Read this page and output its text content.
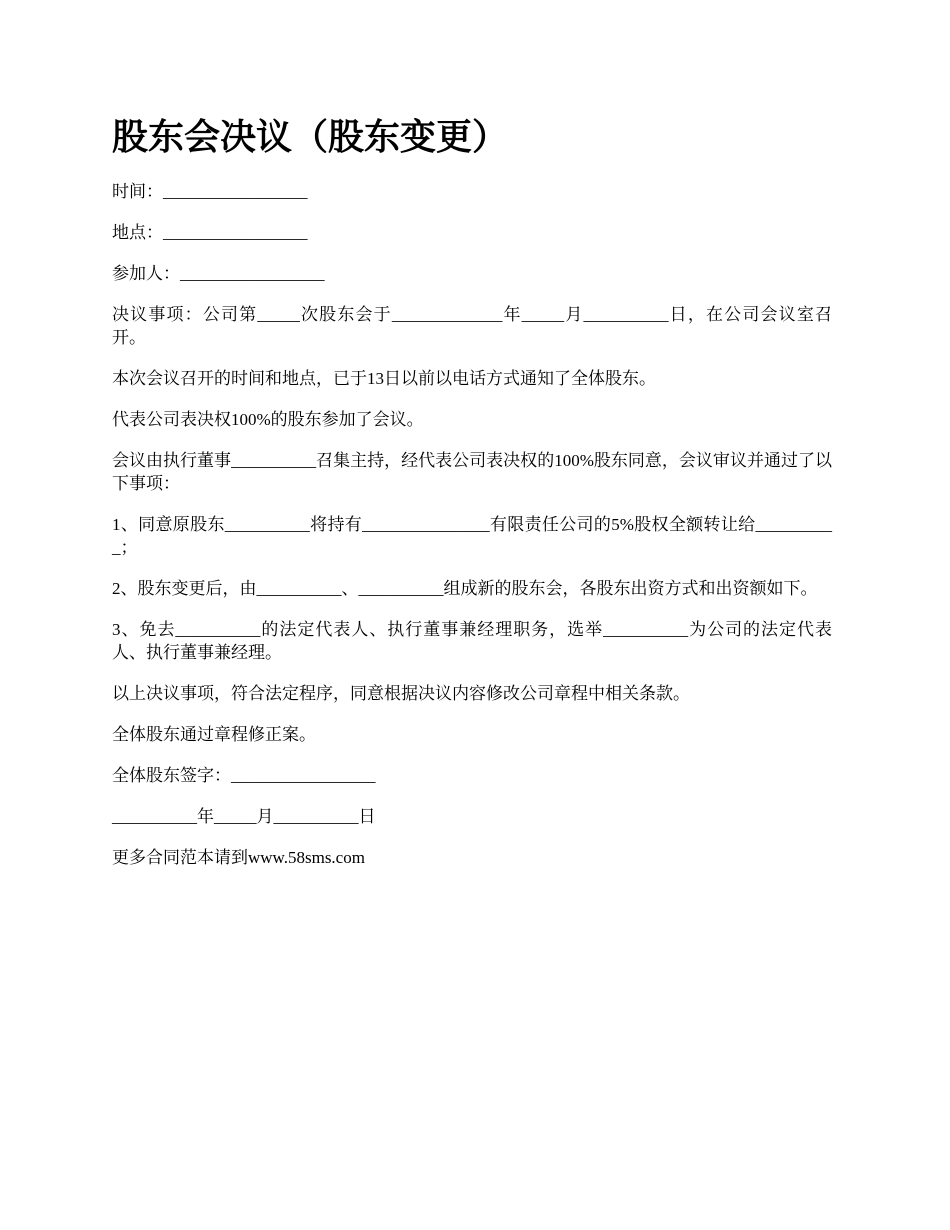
股东会决议（股东变更）

时间：_________________

地点：_________________

参加人：_________________

决议事项：公司第_____次股东会于_____________年_____月__________日，在公司会议室召开。

本次会议召开的时间和地点，已于13日以前以电话方式通知了全体股东。

代表公司表决权100%的股东参加了会议。

会议由执行董事__________召集主持，经代表公司表决权的100%股东同意，会议审议并通过了以下事项：

1、同意原股东__________将持有_______________有限责任公司的5%股权全额转让给__________；

2、股东变更后，由__________、__________组成新的股东会，各股东出资方式和出资额如下。

3、免去__________的法定代表人、执行董事兼经理职务，选举__________为公司的法定代表人、执行董事兼经理。

以上决议事项，符合法定程序，同意根据决议内容修改公司章程中相关条款。

全体股东通过章程修正案。

全体股东签字：_________________

__________年_____月__________日

更多合同范本请到www.58sms.com
